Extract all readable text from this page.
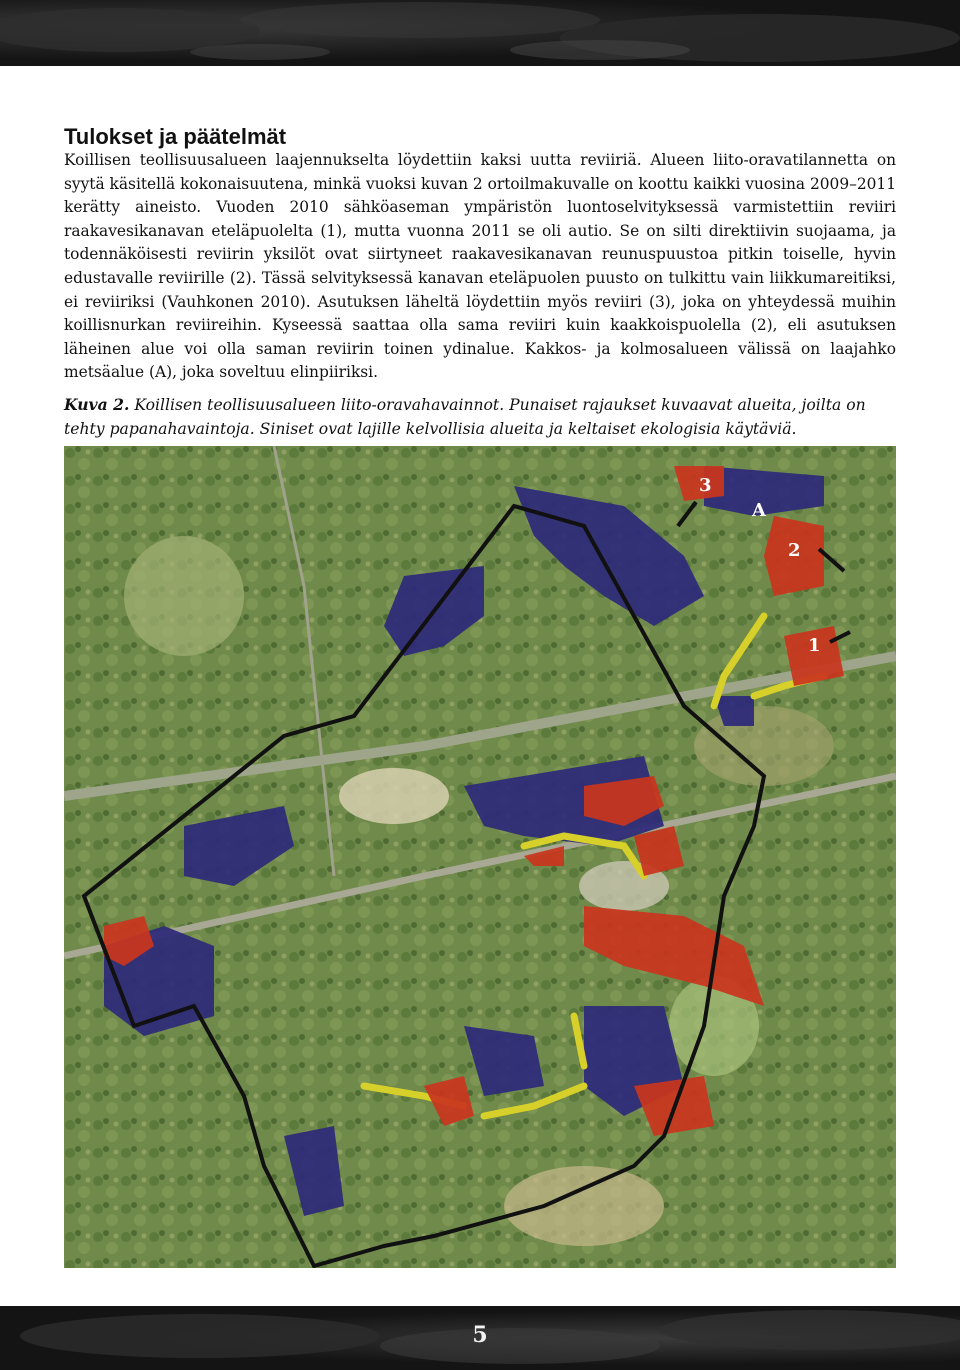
Tulokset ja päätelmät

Koillisen teollisuusalueen laajennukselta löydettiin kaksi uutta reviiriä. Alueen liito-oravatilannetta on syytä käsitellä kokonaisuutena, minkä vuoksi kuvan 2 ortoilmakuvalle on koottu kaikki vuosina 2009–2011 kerätty aineisto. Vuoden 2010 sähköaseman ympäristön luontoselvityksessä varmistettiin reviiri raakavesikanavan eteläpuolelta (1), mutta vuonna 2011 se oli autio. Se on silti direktiivin suojaama, ja todennäköisesti reviirin yksilöt ovat siirtyneet raakavesikanavan reunuspuustoa pitkin toiselle, hyvin edustavalle reviirille (2). Tässä selvityksessä kanavan eteläpuolen puusto on tulkittu vain liikkumareitiksi, ei reviiriksi (Vauhkonen 2010). Asutuksen läheltä löydettiin myös reviiri (3), joka on yhteydessä muihin koillisnurkan reviireihin. Kyseessä saattaa olla sama reviiri kuin kaakkoispuolella (2), eli asutuksen läheinen alue voi olla saman reviirin toinen ydinalue. Kakkos- ja kolmosalueen välissä on laajahko metsäalue (A), joka soveltuu elinpiiriksi.

Kuva 2. Koillisen teollisuusalueen liito-oravahavainnot. Punaiset rajaukset kuvaavat alueita, joilta on tehty papanahavaintoja. Siniset ovat lajille kelvollisia alueita ja keltaiset ekologisia käytäviä.

3
A
2
1
5
